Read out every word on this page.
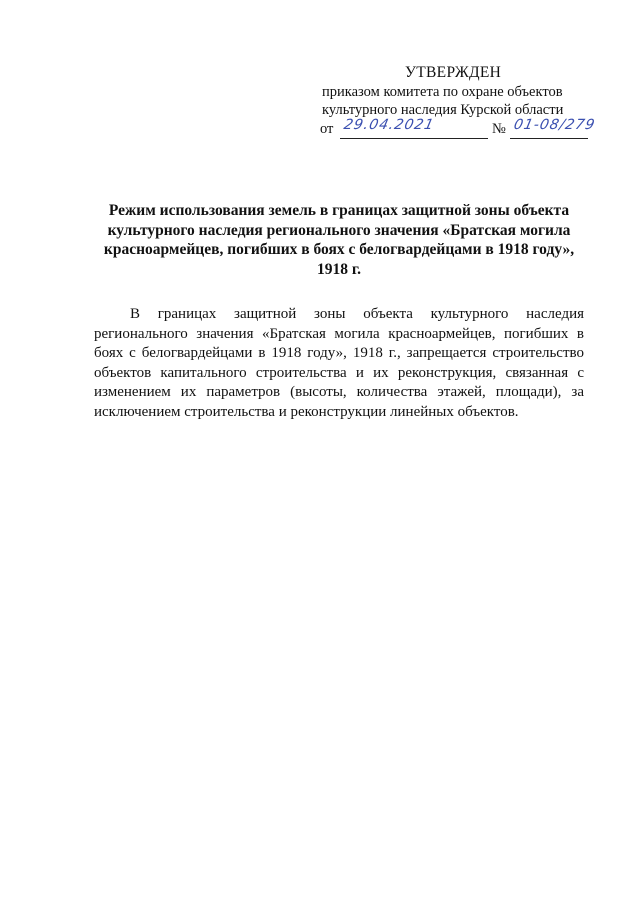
УТВЕРЖДЕН
приказом комитета по охране объектов
культурного наследия Курской области
от 29.04.2021	№ 01-08/279
Режим использования земель в границах защитной зоны объекта
культурного наследия регионального значения «Братская могила
красноармейцев, погибших в боях с белогвардейцами в 1918 году»,
1918 г.
В границах защитной зоны объекта культурного наследия
регионального значения «Братская могила красноармейцев, погибших в
боях с белогвардейцами в 1918 году», 1918 г., запрещается строительство
объектов капитального строительства и их реконструкция, связанная с
изменением их параметров (высоты, количества этажей, площади), за
исключением строительства и реконструкции линейных объектов.
